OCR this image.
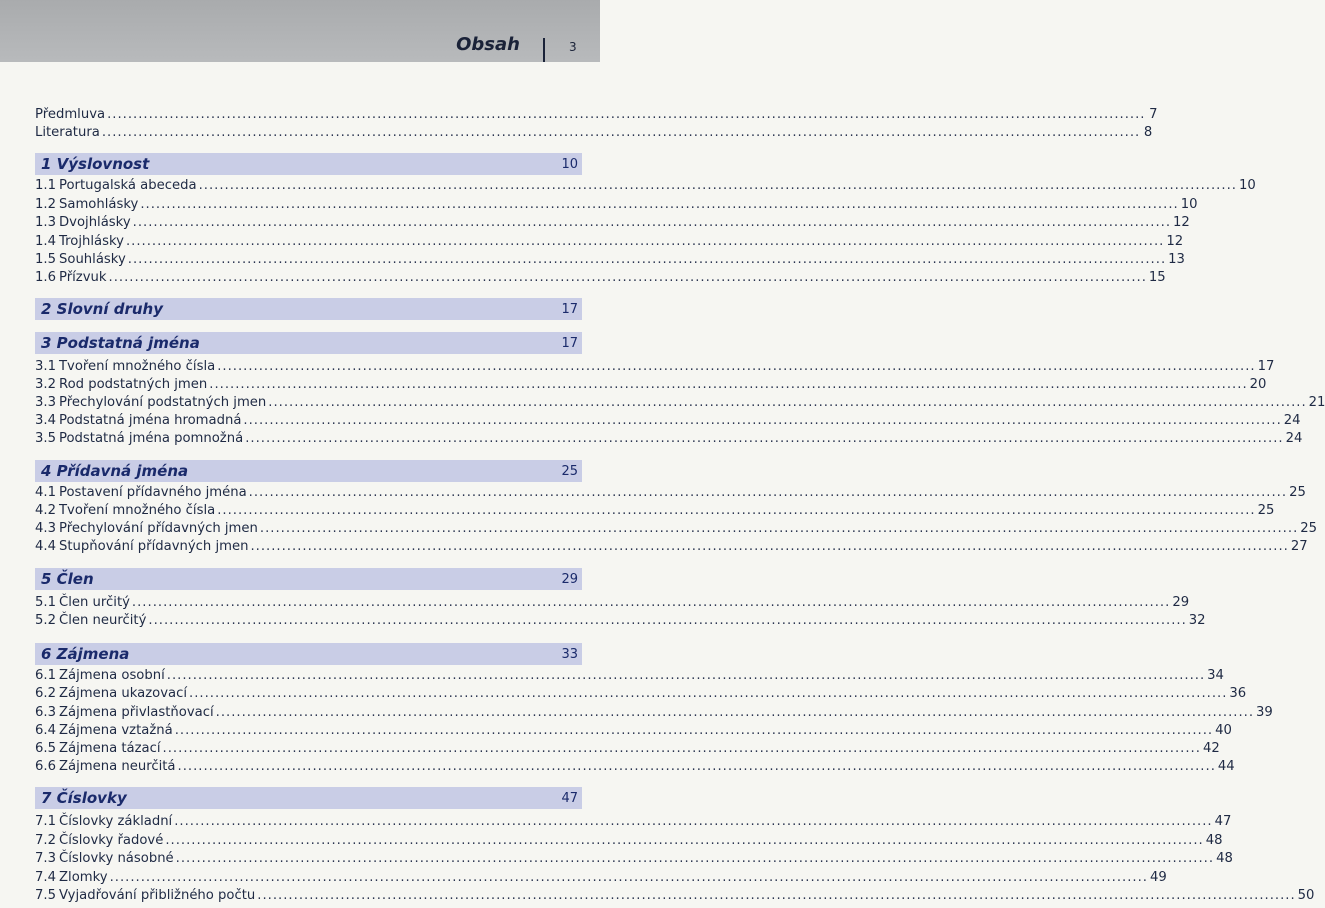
Obsah	3
Předmluva ........................................................................................................................................................................................................ 7
Literatura ........................................................................................................................................................................................................ 8
1 Výslovnost	10
1.1 Portugalská abeceda ........................................................................................................................................................................................................ 10
1.2 Samohlásky ........................................................................................................................................................................................................ 10
1.3 Dvojhlásky ........................................................................................................................................................................................................ 12
1.4 Trojhlásky ........................................................................................................................................................................................................ 12
1.5 Souhlásky ........................................................................................................................................................................................................ 13
1.6 Přízvuk ........................................................................................................................................................................................................ 15
2 Slovní druhy	17
3 Podstatná jména	17
3.1 Tvoření množného čísla ........................................................................................................................................................................................................ 17
3.2 Rod podstatných jmen ........................................................................................................................................................................................................ 20
3.3 Přechylování podstatných jmen ........................................................................................................................................................................................................ 21
3.4 Podstatná jména hromadná ........................................................................................................................................................................................................ 24
3.5 Podstatná jména pomnožná ........................................................................................................................................................................................................ 24
4 Přídavná jména	25
4.1 Postavení přídavného jména ........................................................................................................................................................................................................ 25
4.2 Tvoření množného čísla ........................................................................................................................................................................................................ 25
4.3 Přechylování přídavných jmen ........................................................................................................................................................................................................ 25
4.4 Stupňování přídavných jmen ........................................................................................................................................................................................................ 27
5 Člen	29
5.1 Člen určitý ........................................................................................................................................................................................................ 29
5.2 Člen neurčitý ........................................................................................................................................................................................................ 32
6 Zájmena	33
6.1 Zájmena osobní ........................................................................................................................................................................................................ 34
6.2 Zájmena ukazovací ........................................................................................................................................................................................................ 36
6.3 Zájmena přivlastňovací ........................................................................................................................................................................................................ 39
6.4 Zájmena vztažná ........................................................................................................................................................................................................ 40
6.5 Zájmena tázací ........................................................................................................................................................................................................ 42
6.6 Zájmena neurčitá ........................................................................................................................................................................................................ 44
7 Číslovky	47
7.1 Číslovky základní ........................................................................................................................................................................................................ 47
7.2 Číslovky řadové ........................................................................................................................................................................................................ 48
7.3 Číslovky násobné ........................................................................................................................................................................................................ 48
7.4 Zlomky ........................................................................................................................................................................................................ 49
7.5 Vyjadřování přibližného počtu ........................................................................................................................................................................................................ 50
